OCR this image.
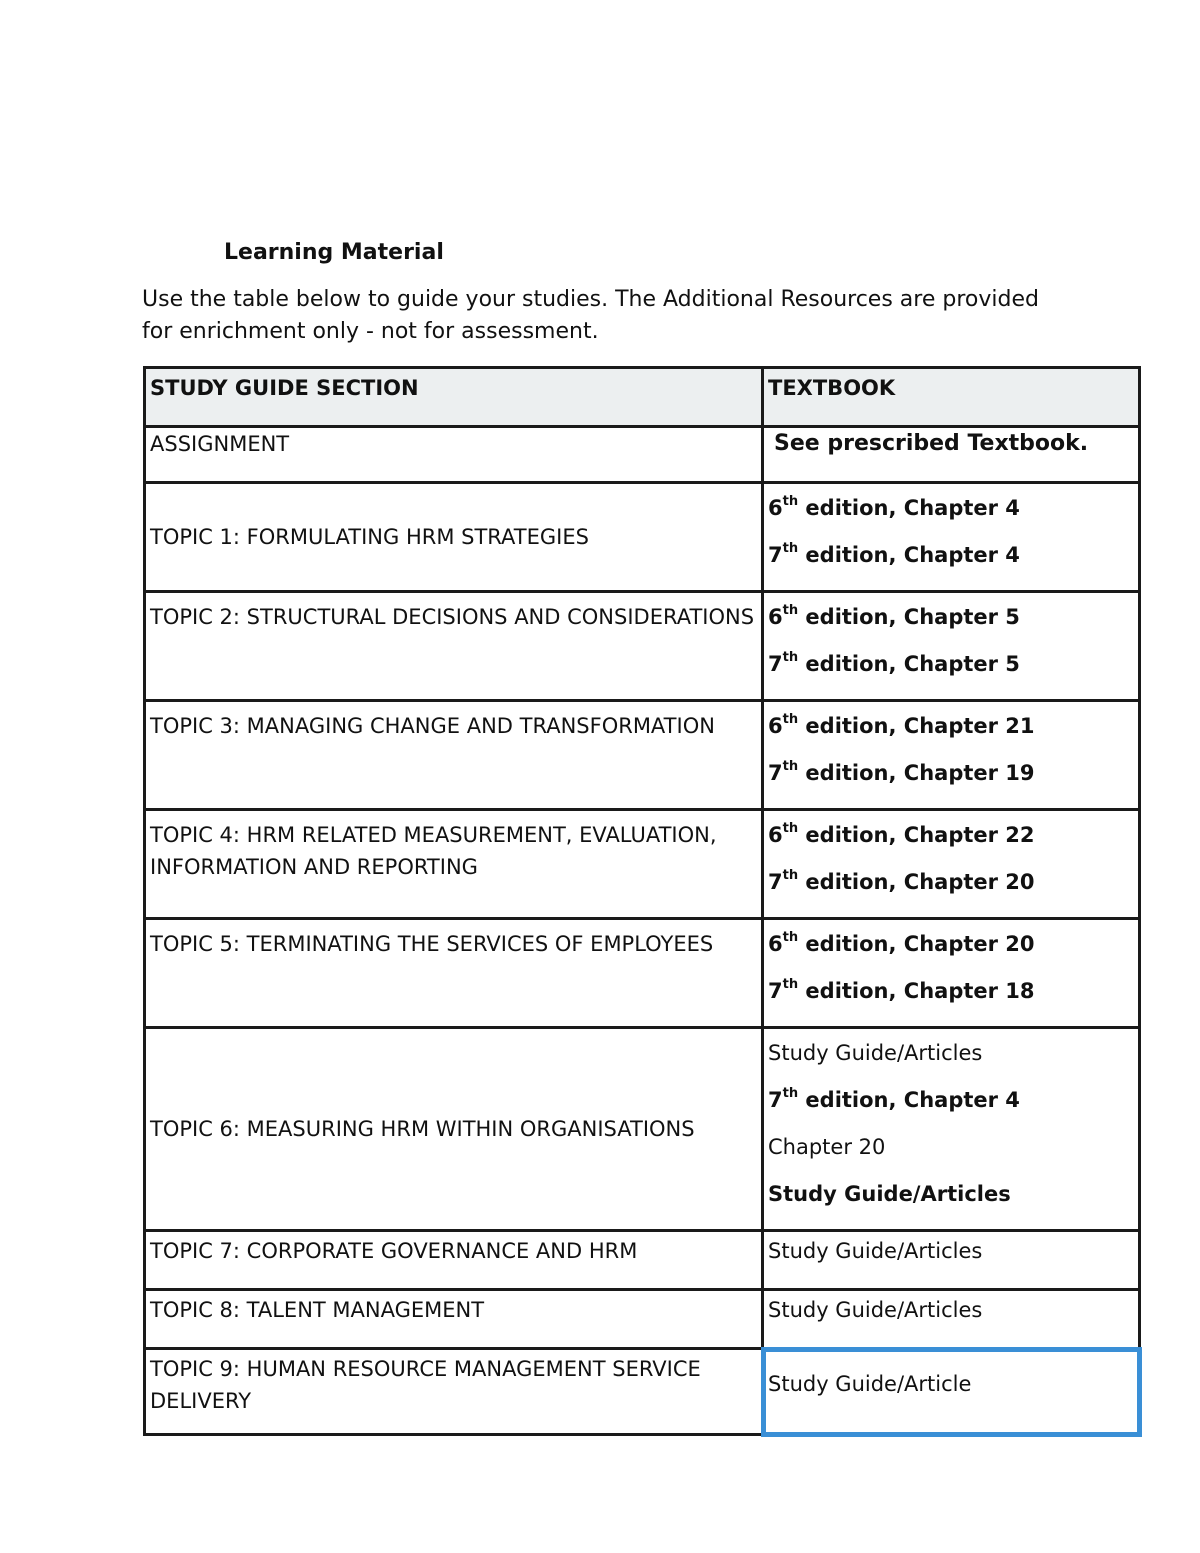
Learning Material
Use the table below to guide your studies. The Additional Resources are provided for enrichment only - not for assessment.
STUDY GUIDE SECTION	TEXTBOOK
ASSIGNMENT	See prescribed Textbook.
TOPIC 1: FORMULATING HRM STRATEGIES	6th edition, Chapter 4
7th edition, Chapter 4

TOPIC 2: STRUCTURAL DECISIONS AND CONSIDERATIONS	6th edition, Chapter 5
7th edition, Chapter 5

TOPIC 3: MANAGING CHANGE AND TRANSFORMATION	6th edition, Chapter 21
7th edition, Chapter 19

TOPIC 4: HRM RELATED MEASUREMENT, EVALUATION, INFORMATION AND REPORTING	6th edition, Chapter 22
7th edition, Chapter 20

TOPIC 5: TERMINATING THE SERVICES OF EMPLOYEES	6th edition, Chapter 20
7th edition, Chapter 18

TOPIC 6: MEASURING HRM WITHIN ORGANISATIONS	Study Guide/Articles
7th edition, Chapter 4
Chapter 20
Study Guide/Articles

TOPIC 7: CORPORATE GOVERNANCE AND HRM	Study Guide/Articles
TOPIC 8: TALENT MANAGEMENT	Study Guide/Articles
TOPIC 9: HUMAN RESOURCE MANAGEMENT SERVICE DELIVERY	Study Guide/Article
